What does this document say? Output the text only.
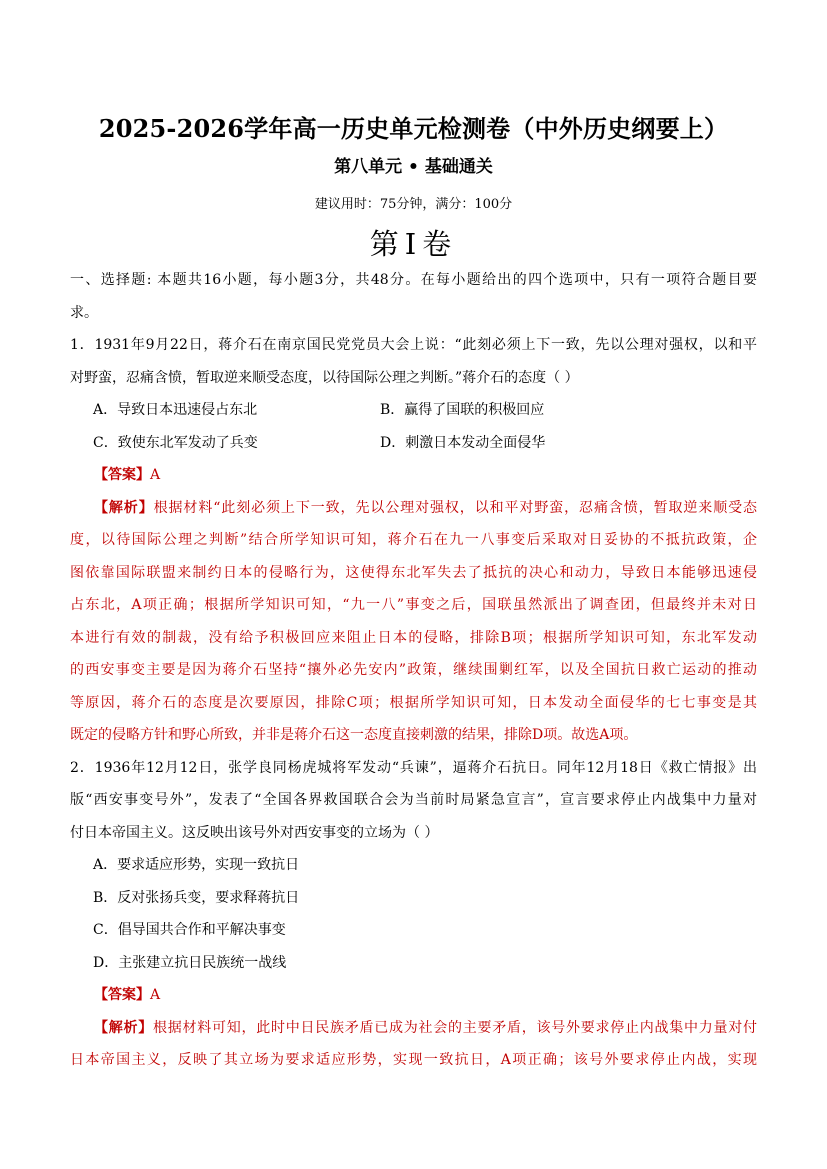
2025-2026学年高一历史单元检测卷（中外历史纲要上）
第八单元 • 基础通关
建议用时：75分钟，满分：100分
第Ⅰ卷
一、选择题: 本题共16小题，每小题3分，共48分。在每小题给出的四个选项中，只有一项符合题目要
求。
1．1931年9月22日，蒋介石在南京国民党党员大会上说：“此刻必须上下一致，先以公理对强权，以和平
对野蛮，忍痛含愤，暂取逆来顺受态度，以待国际公理之判断。”蒋介石的态度（ ）
A．导致日本迅速侵占东北	B．赢得了国联的积极回应
C．致使东北军发动了兵变	D．刺激日本发动全面侵华
【答案】A
【解析】根据材料“此刻必须上下一致，先以公理对强权，以和平对野蛮，忍痛含愤，暂取逆来顺受态
度，以待国际公理之判断”结合所学知识可知，蒋介石在九一八事变后采取对日妥协的不抵抗政策，企
图依靠国际联盟来制约日本的侵略行为，这使得东北军失去了抵抗的决心和动力，导致日本能够迅速侵
占东北，A项正确；根据所学知识可知，“九一八”事变之后，国联虽然派出了调查团，但最终并未对日
本进行有效的制裁，没有给予积极回应来阻止日本的侵略，排除B项；根据所学知识可知，东北军发动
的西安事变主要是因为蒋介石坚持“攘外必先安内”政策，继续围剿红军，以及全国抗日救亡运动的推动
等原因，蒋介石的态度是次要原因，排除C项；根据所学知识可知，日本发动全面侵华的七七事变是其
既定的侵略方针和野心所致，并非是蒋介石这一态度直接刺激的结果，排除D项。故选A项。
2．1936年12月12日，张学良同杨虎城将军发动“兵谏”，逼蒋介石抗日。同年12月18日《救亡情报》出
版“西安事变号外”，发表了“全国各界救国联合会为当前时局紧急宣言”，宣言要求停止内战集中力量对
付日本帝国主义。这反映出该号外对西安事变的立场为（ ）
A．要求适应形势，实现一致抗日
B．反对张扬兵变，要求释蒋抗日
C．倡导国共合作和平解决事变
D．主张建立抗日民族统一战线
【答案】A
【解析】根据材料可知，此时中日民族矛盾已成为社会的主要矛盾，该号外要求停止内战集中力量对付
日本帝国主义，反映了其立场为要求适应形势，实现一致抗日，A项正确；该号外要求停止内战，实现
